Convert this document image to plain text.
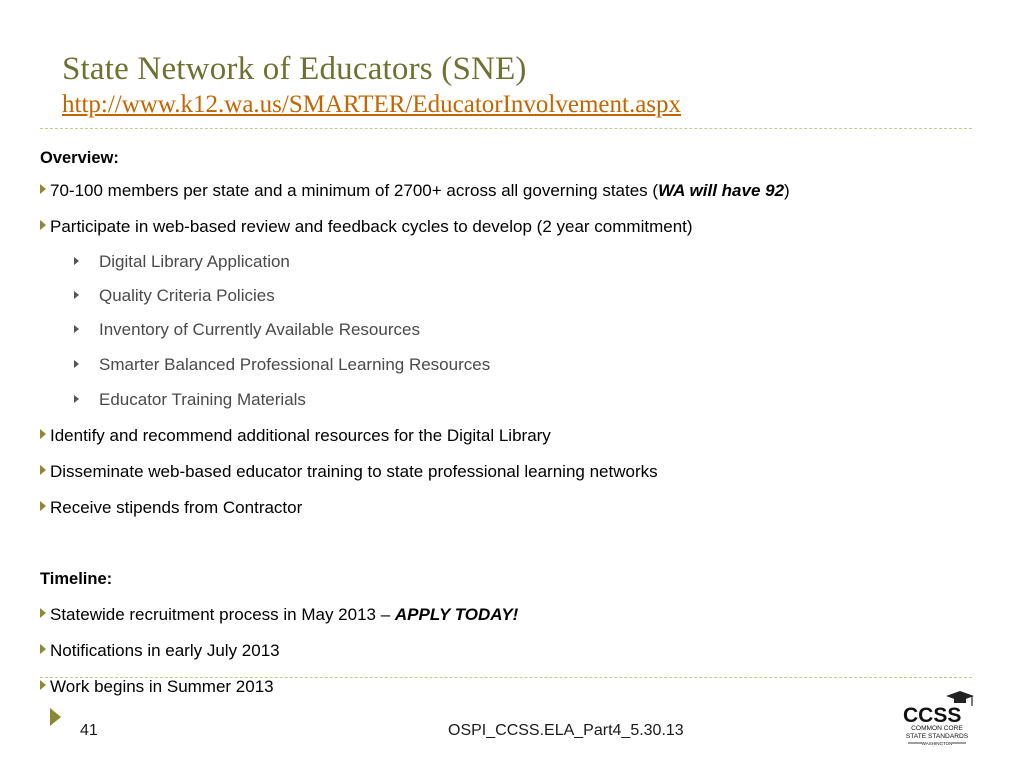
State Network of Educators (SNE)
http://www.k12.wa.us/SMARTER/EducatorInvolvement.aspx
Overview:
70-100 members per state and a minimum of 2700+ across all governing states (WA will have 92)
Participate in web-based review and feedback cycles to develop (2 year commitment)
Digital Library Application
Quality Criteria Policies
Inventory of Currently Available Resources
Smarter Balanced Professional Learning Resources
Educator Training Materials
Identify and recommend additional resources for the Digital Library
Disseminate web-based educator training to state professional learning networks
Receive stipends from Contractor
Timeline:
Statewide recruitment process in May 2013 – APPLY TODAY!
Notifications in early July 2013
Work begins in Summer 2013
41	OSPI_CCSS.ELA_Part4_5.30.13
CCSS
COMMON CORE
STATE STANDARDS
WASHINGTON
